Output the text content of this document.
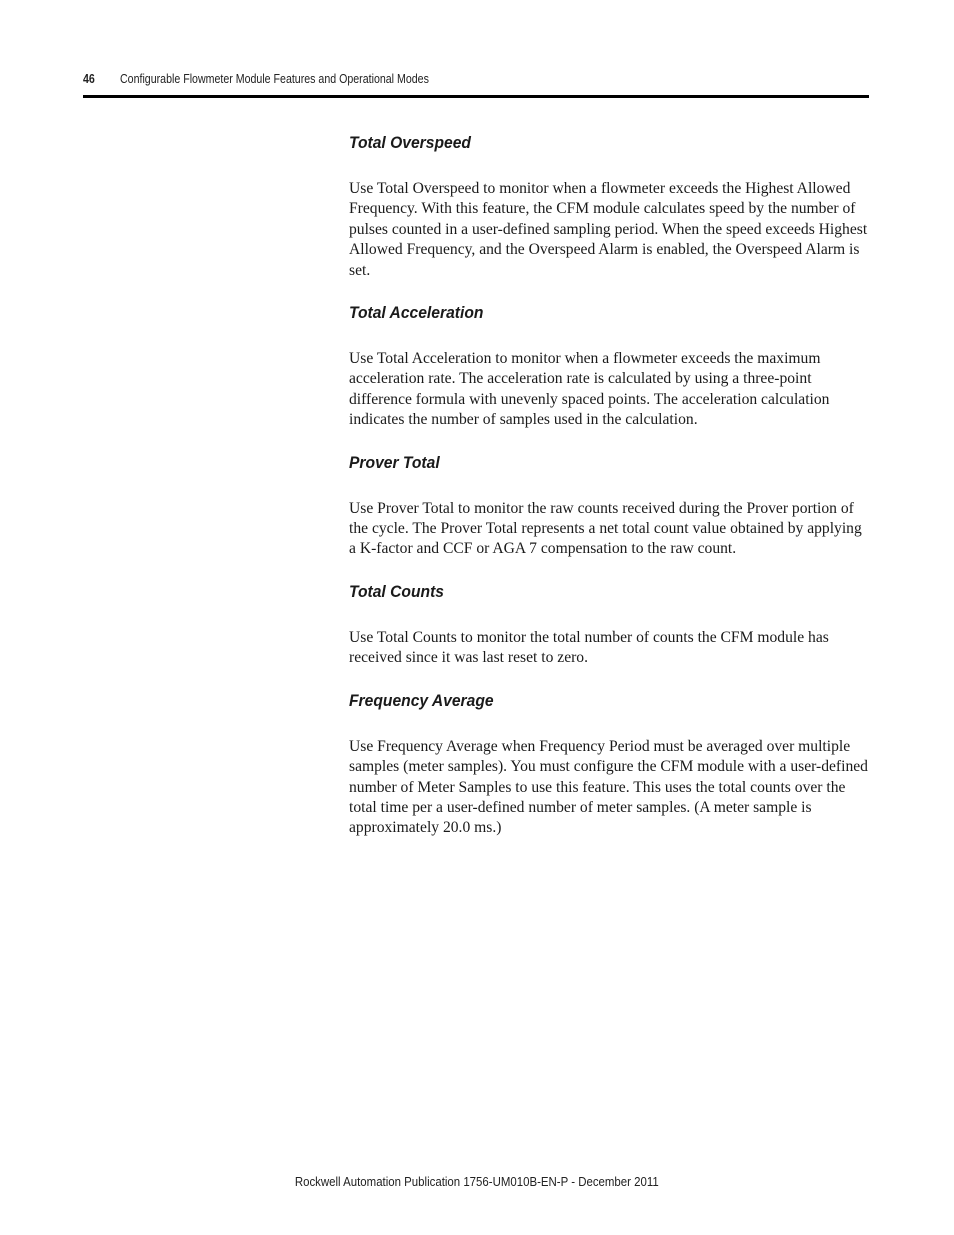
46 Configurable Flowmeter Module Features and Operational Modes
Total Overspeed

Use Total Overspeed to monitor when a flowmeter exceeds the Highest Allowed Frequency. With this feature, the CFM module calculates speed by the number of pulses counted in a user-defined sampling period. When the speed exceeds Highest Allowed Frequency, and the Overspeed Alarm is enabled, the Overspeed Alarm is set.

Total Acceleration

Use Total Acceleration to monitor when a flowmeter exceeds the maximum acceleration rate. The acceleration rate is calculated by using a three-point difference formula with unevenly spaced points. The acceleration calculation indicates the number of samples used in the calculation.

Prover Total

Use Prover Total to monitor the raw counts received during the Prover portion of the cycle. The Prover Total represents a net total count value obtained by applying a K-factor and CCF or AGA 7 compensation to the raw count.

Total Counts

Use Total Counts to monitor the total number of counts the CFM module has received since it was last reset to zero.

Frequency Average

Use Frequency Average when Frequency Period must be averaged over multiple samples (meter samples). You must configure the CFM module with a user-defined number of Meter Samples to use this feature. This uses the total counts over the total time per a user-defined number of meter samples. (A meter sample is approximately 20.0 ms.)

Rockwell Automation Publication 1756-UM010B-EN-P - December 2011
